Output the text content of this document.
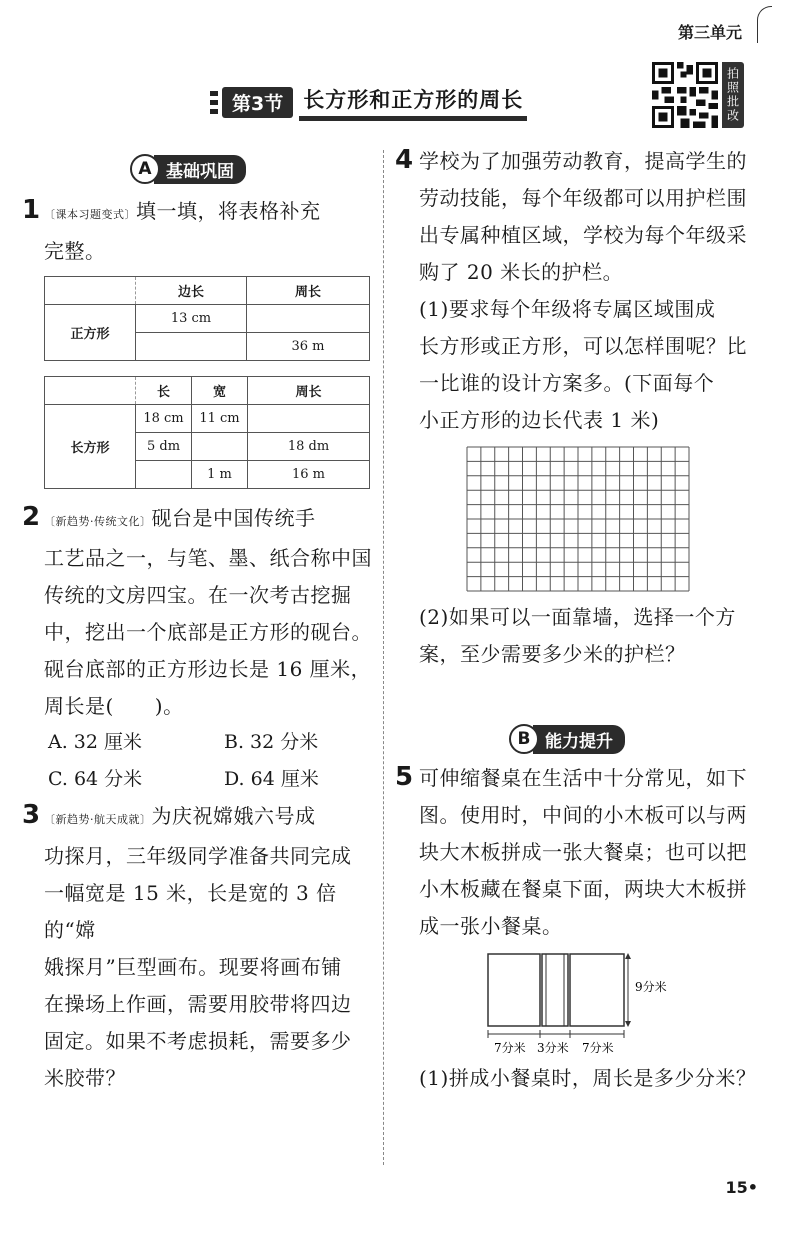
第三单元
第3节 长方形和正方形的周长	拍照批改
A 基础巩固
1 〔课本习题变式〕填一填，将表格补充
完整。
	边长	周长
正方形	13 cm	
		36 m
	长	宽	周长
长方形	18 cm	11 cm	
	5 dm		18 dm
		1 m	16 m
2 〔新趋势·传统文化〕砚台是中国传统手
工艺品之一，与笔、墨、纸合称中国
传统的文房四宝。在一次考古挖掘
中，挖出一个底部是正方形的砚台。
砚台底部的正方形边长是 16 厘米，
周长是(　　)。
A. 32 厘米	B. 32 分米
C. 64 分米	D. 64 厘米
3 〔新趋势·航天成就〕为庆祝嫦娥六号成
功探月，三年级同学准备共同完成
一幅宽是 15 米，长是宽的 3 倍的“嫦
娥探月”巨型画布。现要将画布铺
在操场上作画，需要用胶带将四边
固定。如果不考虑损耗，需要多少
米胶带？
4 学校为了加强劳动教育，提高学生的
劳动技能，每个年级都可以用护栏围
出专属种植区域，学校为每个年级采
购了 20 米长的护栏。
(1)要求每个年级将专属区域围成
长方形或正方形，可以怎样围呢？比
一比谁的设计方案多。(下面每个
小正方形的边长代表 1 米)
(2)如果可以一面靠墙，选择一个方
案，至少需要多少米的护栏？
B 能力提升
5 可伸缩餐桌在生活中十分常见，如下
图。使用时，中间的小木板可以与两
块大木板拼成一张大餐桌；也可以把
小木板藏在餐桌下面，两块大木板拼
成一张小餐桌。
9分米
7分米 3分米 7分米
(1)拼成小餐桌时，周长是多少分米？
15•
